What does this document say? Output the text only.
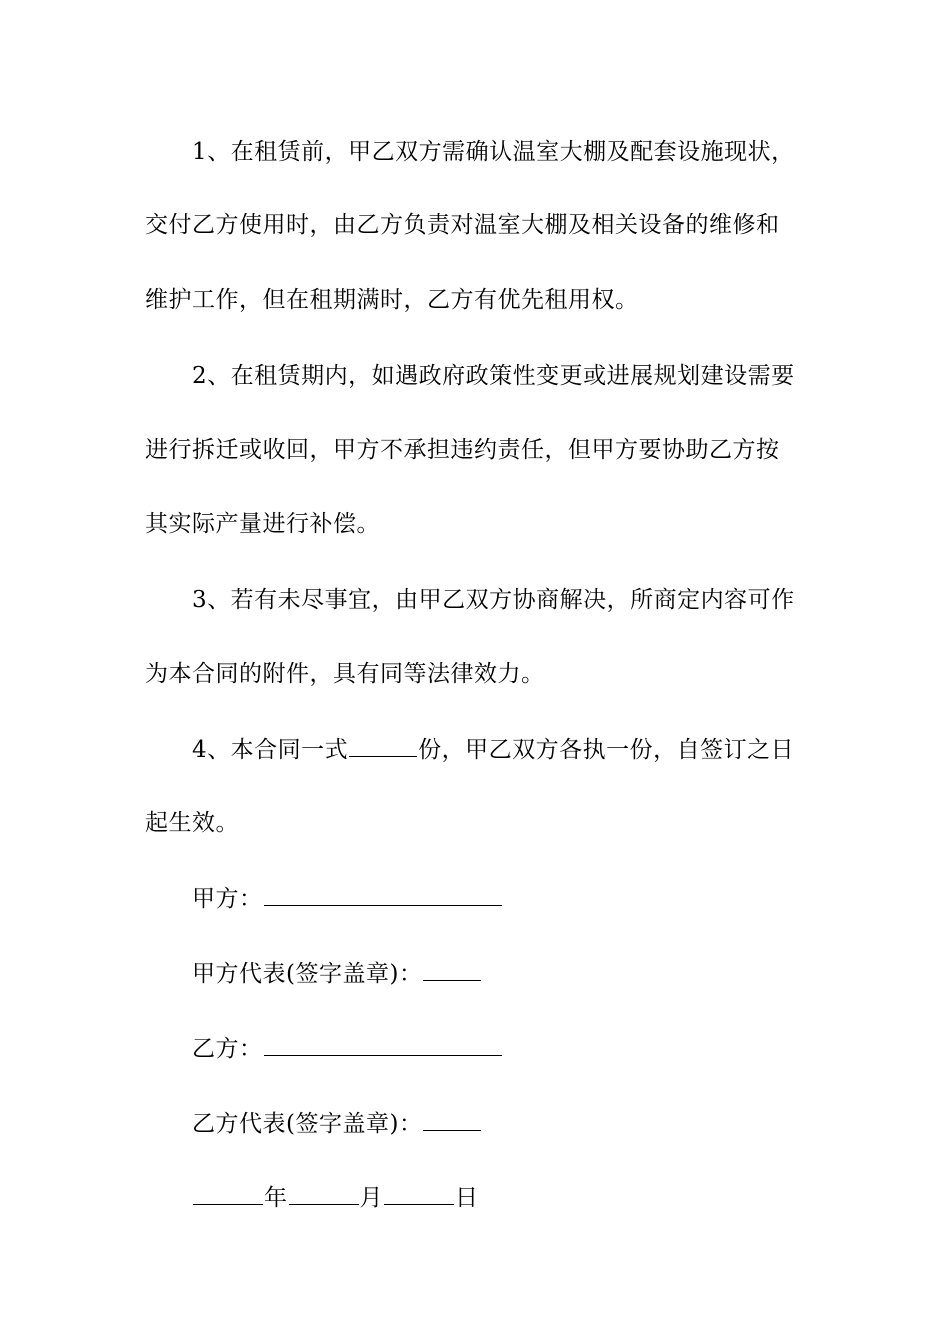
1、在租赁前，甲乙双方需确认温室大棚及配套设施现状，
交付乙方使用时，由乙方负责对温室大棚及相关设备的维修和
维护工作，但在租期满时，乙方有优先租用权。
2、在租赁期内，如遇政府政策性变更或进展规划建设需要
进行拆迁或收回，甲方不承担违约责任，但甲方要协助乙方按
其实际产量进行补偿。
3、若有未尽事宜，由甲乙双方协商解决，所商定内容可作
为本合同的附件，具有同等法律效力。
4、本合同一式	份，甲乙双方各执一份，自签订之日
起生效。
甲方：
甲方代表(签字盖章)：
乙方：
乙方代表(签字盖章)：
年	月	日
